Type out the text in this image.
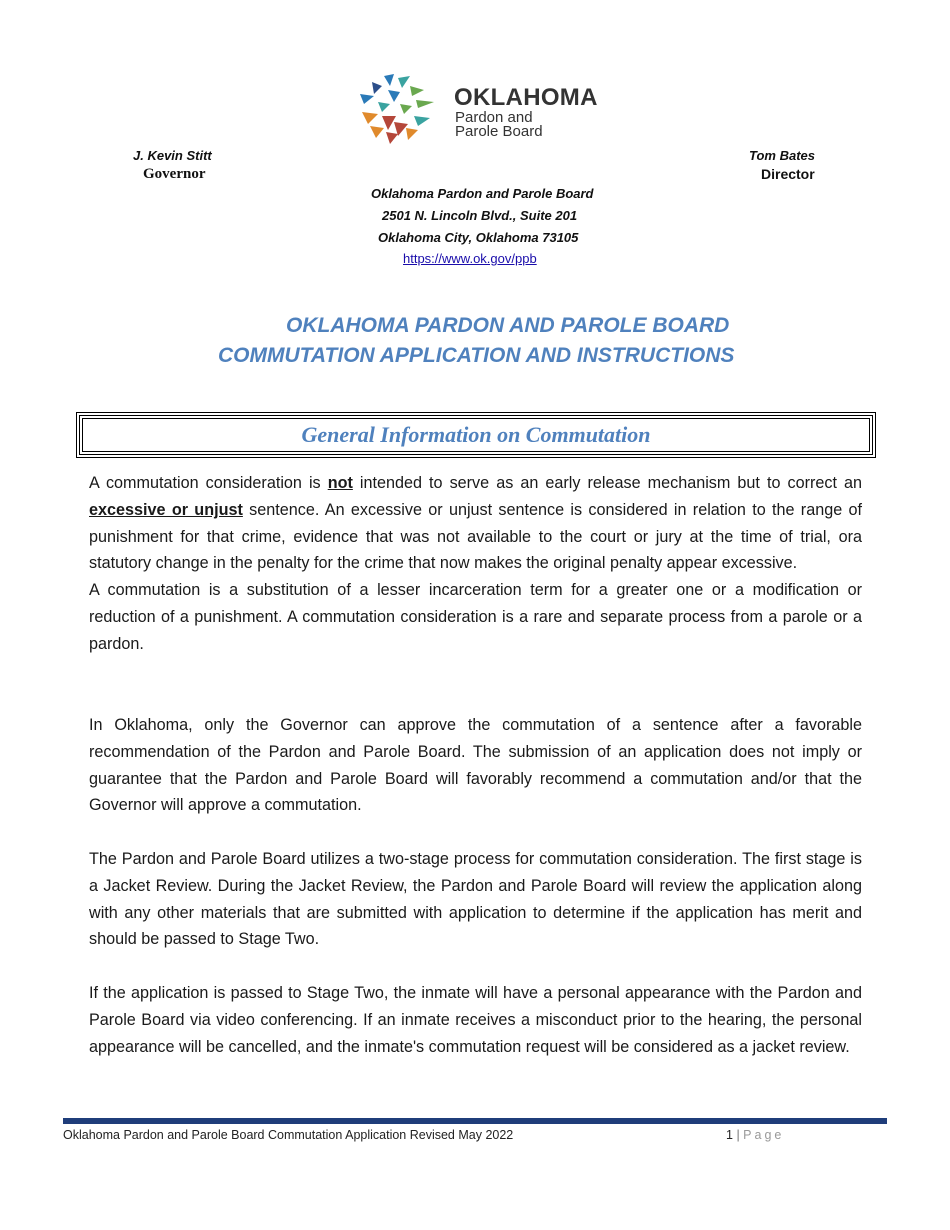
OKLAHOMA
Pardon and
Parole Board
J. Kevin Stitt
Governor
Tom Bates
Director
Oklahoma Pardon and Parole Board
2501 N. Lincoln Blvd., Suite 201
Oklahoma City, Oklahoma 73105
https://www.ok.gov/ppb
OKLAHOMA PARDON AND PAROLE BOARD
COMMUTATION APPLICATION AND INSTRUCTIONS
General Information on Commutation

A commutation consideration is not intended to serve as an early release mechanism but to correct an excessive or unjust sentence. An excessive or unjust sentence is considered in relation to the range of punishment for that crime, evidence that was not available to the court or jury at the time of trial, ora statutory change in the penalty for the crime that now makes the original penalty appear excessive.

A commutation is a substitution of a lesser incarceration term for a greater one or a modification or reduction of a punishment. A commutation consideration is a rare and separate process from a parole or a pardon.

In Oklahoma, only the Governor can approve the commutation of a sentence after a favorable recommendation of the Pardon and Parole Board. The submission of an application does not imply or guarantee that the Pardon and Parole Board will favorably recommend a commutation and/or that the Governor will approve a commutation.

The Pardon and Parole Board utilizes a two-stage process for commutation consideration. The first stage is a Jacket Review. During the Jacket Review, the Pardon and Parole Board will review the application along with any other materials that are submitted with application to determine if the application has merit and should be passed to Stage Two.

If the application is passed to Stage Two, the inmate will have a personal appearance with the Pardon and Parole Board via video conferencing. If an inmate receives a misconduct prior to the hearing, the personal appearance will be cancelled, and the inmate's commutation request will be considered as a jacket review.

Oklahoma Pardon and Parole Board Commutation Application Revised May 2022	1 | Page
